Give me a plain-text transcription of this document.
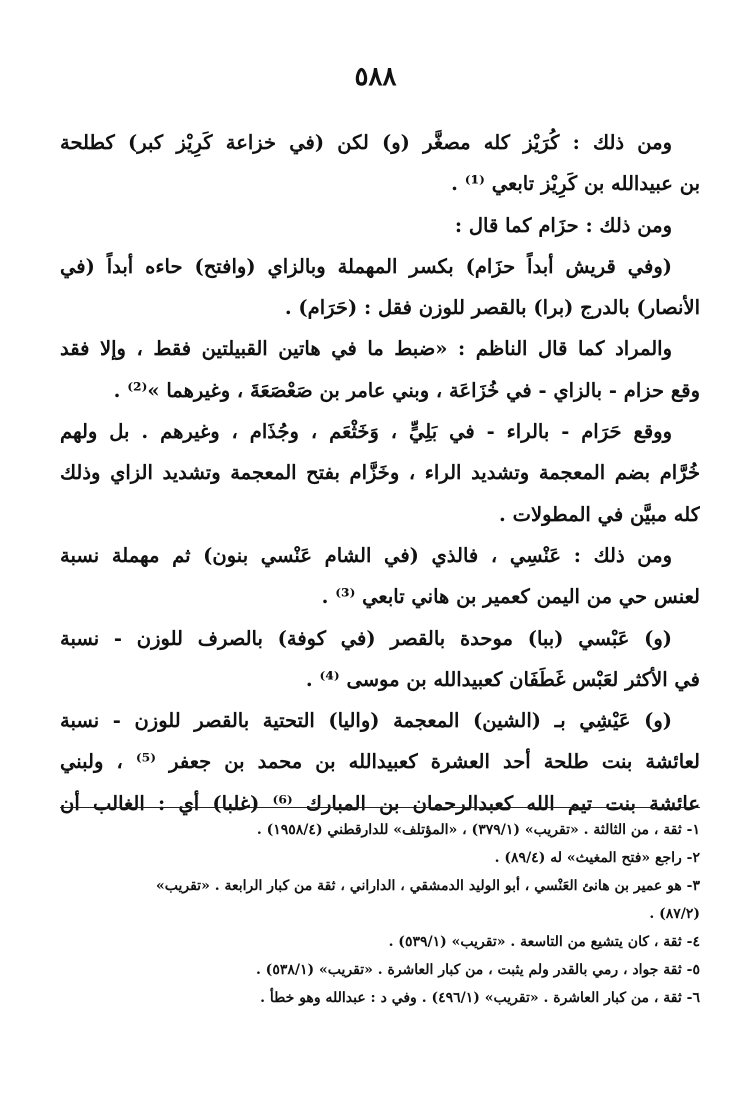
٥٨٨
ومن ذلك : كُرَيْز كله مصغَّر (و) لكن (في خزاعة كَرِيْز كبر) كطلحة
بن عبيدالله بن كَرِيْز تابعي ⁽¹⁾ .
ومن ذلك : حزَام كما قال :
(وفي قريش أبداً حزَام) بكسر المهملة وبالزاي (وافتح) حاءه أبداً (في
الأنصار) بالدرج (برا) بالقصر للوزن فقل : (حَرَام) .
والمراد كما قال الناظم : «ضبط ما في هاتين القبيلتين فقط ، وإلا فقد
وقع حزام - بالزاي - في خُزَاعَة ، وبني عامر بن صَعْصَعَةَ ، وغيرهما »⁽²⁾ .
ووقع حَرَام - بالراء - في بَلِيٍّ ، وَخَثْعَم ، وجُذَام ، وغيرهم . بل ولهم
خُرَّام بضم المعجمة وتشديد الراء ، وخَزَّام بفتح المعجمة وتشديد الزاي وذلك
كله مبيَّن في المطولات .
ومن ذلك : عَنْسِي ، فالذي (في الشام عَنْسي بنون) ثم مهملة نسبة
لعنس حي من اليمن كعمير بن هاني تابعي ⁽³⁾ .
(و) عَبْسي (ببا) موحدة بالقصر (في كوفة) بالصرف للوزن - نسبة
في الأكثر لعَبْس غَطَفَان كعبيدالله بن موسى ⁽⁴⁾ .
(و) عَيْشِي بـ (الشين) المعجمة (واليا) التحتية بالقصر للوزن - نسبة
لعائشة بنت طلحة أحد العشرة كعبيدالله بن محمد بن جعفر ⁽⁵⁾ ، ولبني
عائشة بنت تيم الله كعبدالرحمان بن المبارك ⁽⁶⁾ (غلبا) أي : الغالب أن
١- ثقة ، من الثالثة . «تقريب» (٣٧٩/١) ، «المؤتلف» للدارقطني (١٩٥٨/٤) .
٢- راجع «فتح المغيث» له (٨٩/٤) .
٣- هو عمير بن هانئ العَنْسي ، أبو الوليد الدمشقي ، الداراني ، ثقة من كبار الرابعة . «تقريب»
(٨٧/٢) .
٤- ثقة ، كان يتشيع من التاسعة . «تقريب» (٥٣٩/١) .
٥- ثقة جواد ، رمي بالقدر ولم يثبت ، من كبار العاشرة . «تقريب» (٥٣٨/١) .
٦- ثقة ، من كبار العاشرة . «تقريب» (٤٩٦/١) . وفي د : عبدالله وهو خطأ .
